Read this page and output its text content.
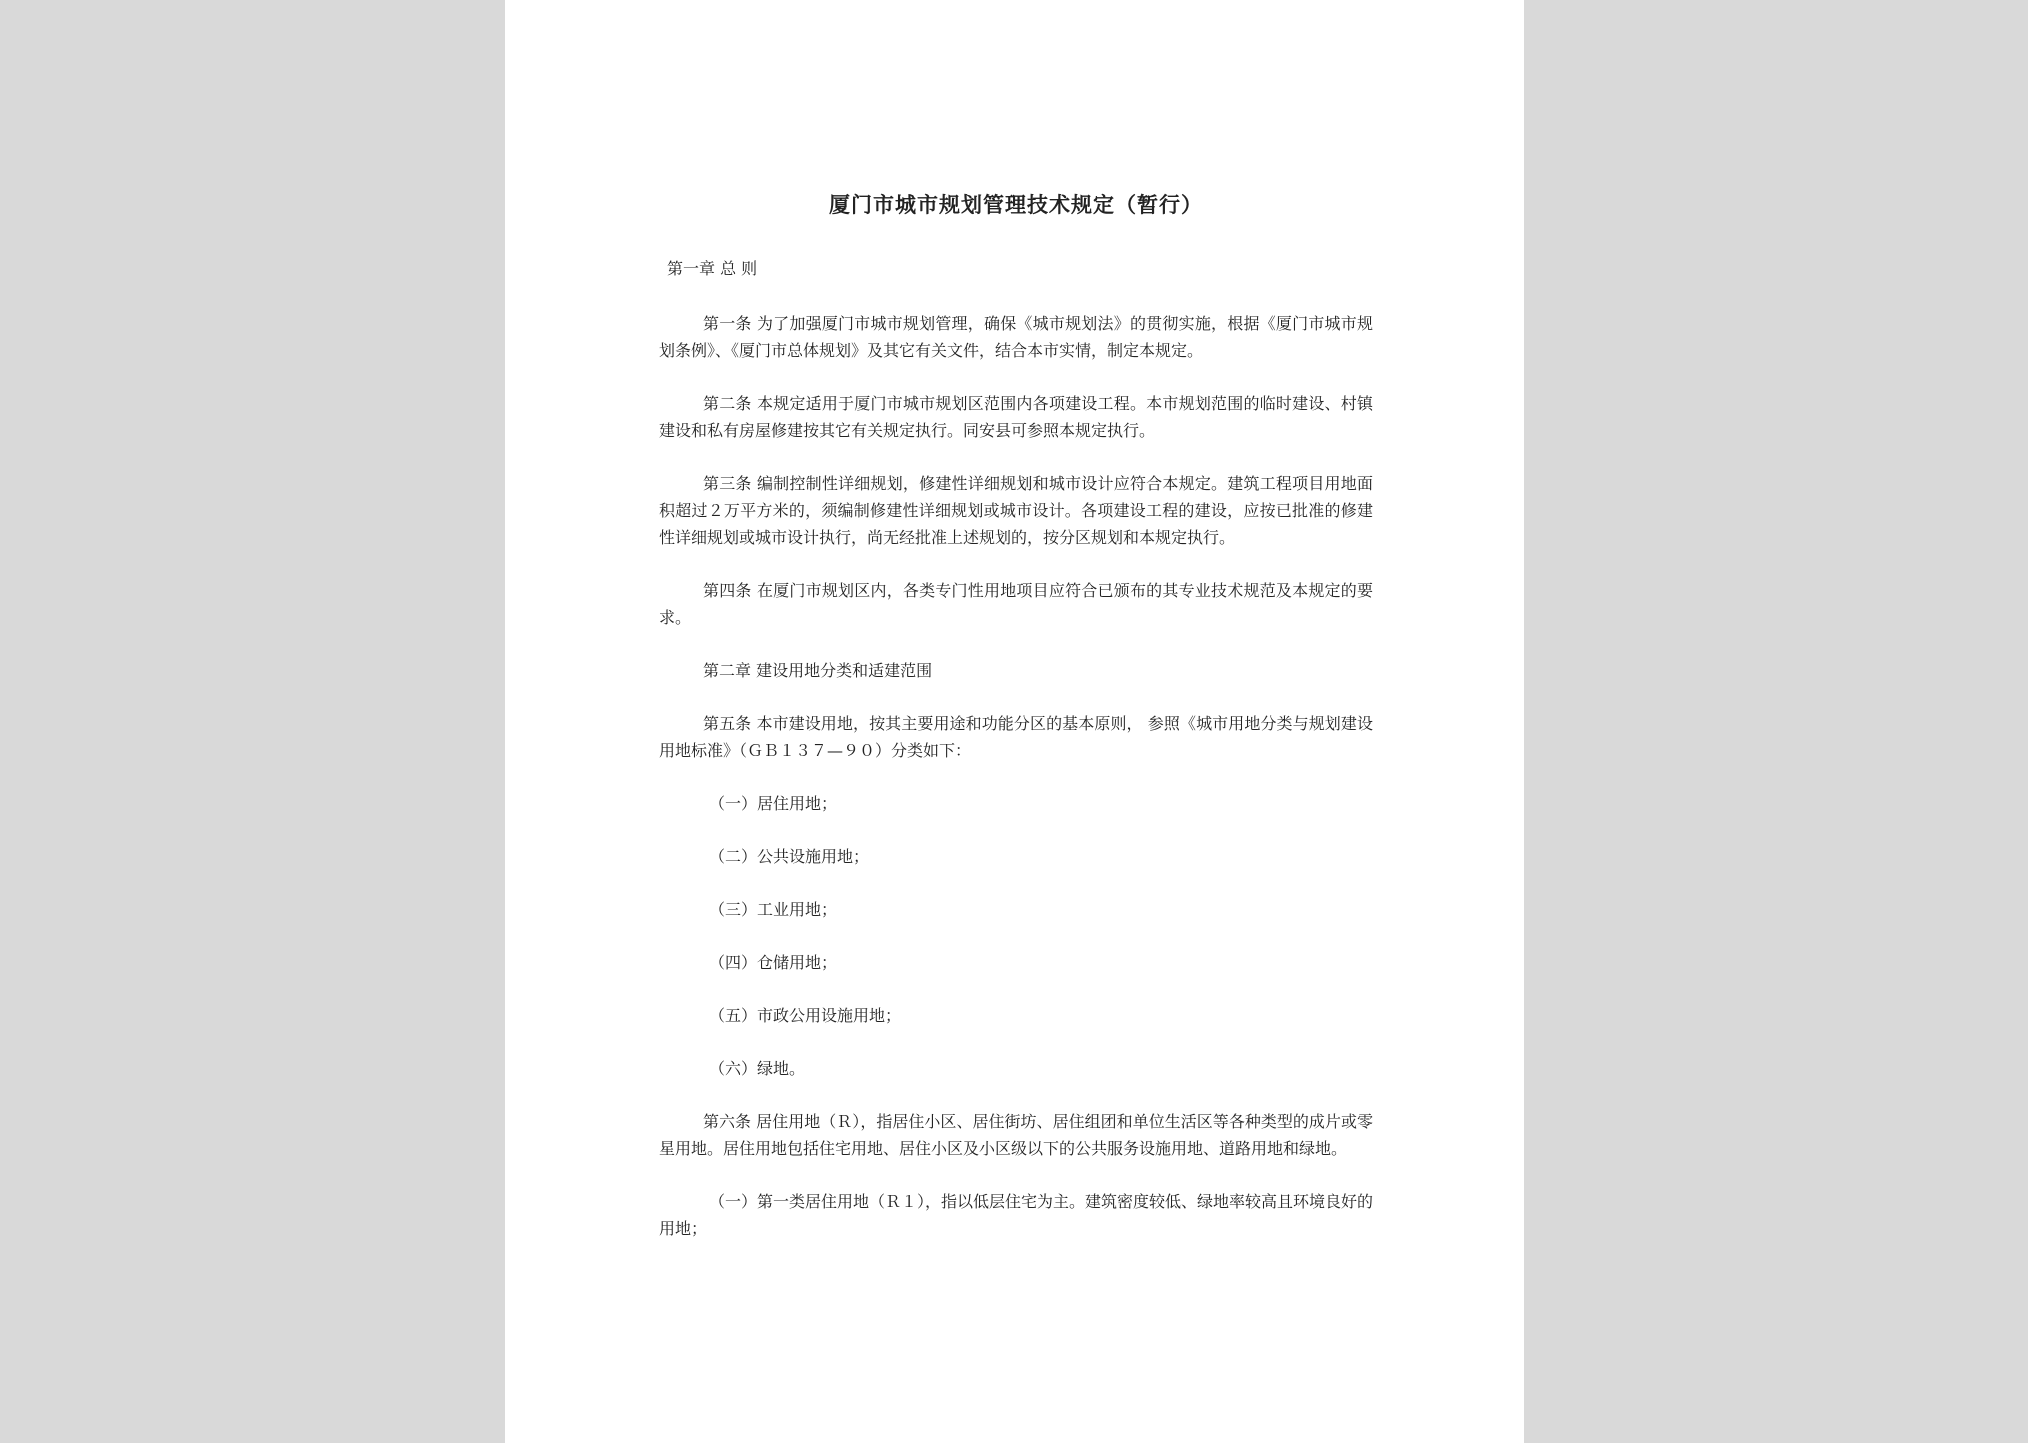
厦门市城市规划管理技术规定（暂行）
第一章 总 则

第一条 为了加强厦门市城市规划管理，确保《城市规划法》的贯彻实施，根据《厦门市城市规划条例》、《厦门市总体规划》及其它有关文件，结合本市实情，制定本规定。

第二条 本规定适用于厦门市城市规划区范围内各项建设工程。本市规划范围的临时建设、村镇建设和私有房屋修建按其它有关规定执行。同安县可参照本规定执行。

第三条 编制控制性详细规划，修建性详细规划和城市设计应符合本规定。建筑工程项目用地面积超过２万平方米的，须编制修建性详细规划或城市设计。各项建设工程的建设，应按已批准的修建性详细规划或城市设计执行，尚无经批准上述规划的，按分区规划和本规定执行。

第四条 在厦门市规划区内，各类专门性用地项目应符合已颁布的其专业技术规范及本规定的要求。

第二章 建设用地分类和适建范围

第五条 本市建设用地，按其主要用途和功能分区的基本原则， 参照《城市用地分类与规划建设用地标准》（ＧＢ１３７—９０）分类如下：

（一）居住用地；

（二）公共设施用地；

（三）工业用地；

（四）仓储用地；

（五）市政公用设施用地；

（六）绿地。

第六条 居住用地（Ｒ），指居住小区、居住街坊、居住组团和单位生活区等各种类型的成片或零星用地。居住用地包括住宅用地、居住小区及小区级以下的公共服务设施用地、道路用地和绿地。

（一）第一类居住用地（Ｒ１），指以低层住宅为主。建筑密度较低、绿地率较高且环境良好的用地；
